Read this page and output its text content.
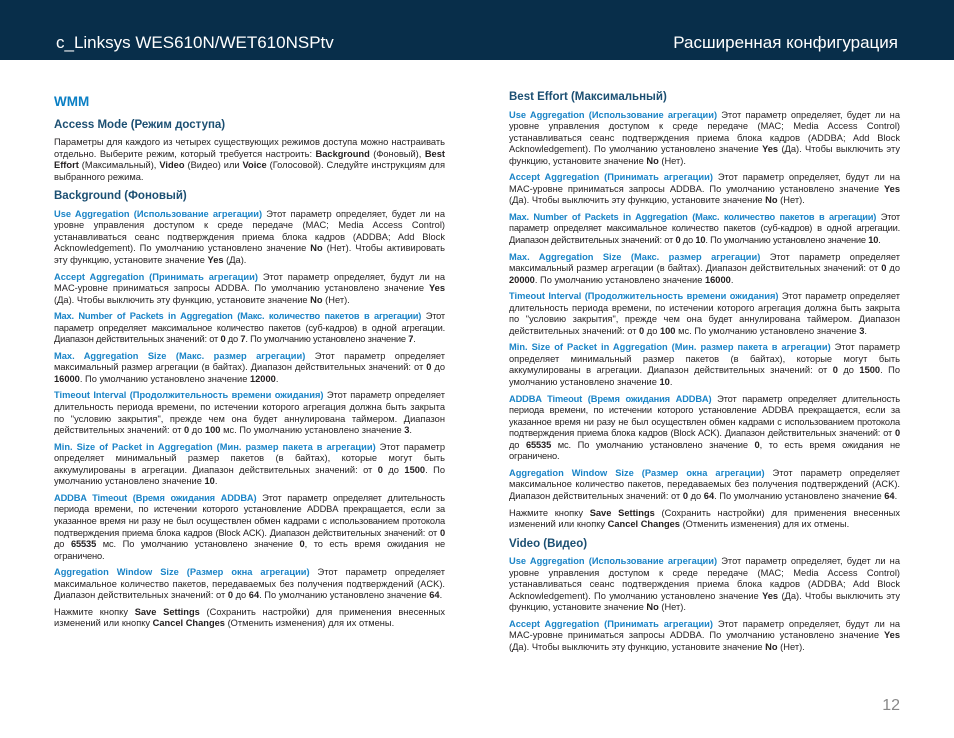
c_Linksys WES610N/WET610NSPtv	Расширенная конфигурация
WMM
Access Mode (Режим доступа)

Параметры для каждого из четырех существующих режимов доступа можно настраивать отдельно. Выберите режим, который требуется настроить: Background (Фоновый), Best Effort (Максимальный), Video (Видео) или Voice (Голосовой). Следуйте инструкциям для выбранного режима.

Background (Фоновый)

Use Aggregation (Использование агрегации) Этот параметр определяет, будет ли на уровне управления доступом к среде передаче (MAC; Media Access Control) устанавливаться сеанс подтверждения приема блока кадров (ADDBA; Add Block Acknowledgement). По умолчанию установлено значение No (Нет). Чтобы активировать эту функцию, установите значение Yes (Да).

Accept Aggregation (Принимать агрегации) Этот параметр определяет, будут ли на MAC-уровне приниматься запросы ADDBA. По умолчанию установлено значение Yes (Да). Чтобы выключить эту функцию, установите значение No (Нет).

Max. Number of Packets in Aggregation (Макс. количество пакетов в агрегации) Этот параметр определяет максимальное количество пакетов (суб-кадров) в одной агрегации. Диапазон действительных значений: от 0 до 7. По умолчанию установлено значение 7.

Max. Aggregation Size (Макс. размер агрегации) Этот параметр определяет максимальный размер агрегации (в байтах). Диапазон действительных значений: от 0 до 16000. По умолчанию установлено значение 12000.

Timeout Interval (Продолжительность времени ожидания) Этот параметр определяет длительность периода времени, по истечении которого агрегация должна быть закрыта по "условию закрытия", прежде чем она будет аннулирована таймером. Диапазон действительных значений: от 0 до 100 мс. По умолчанию установлено значение 3.

Min. Size of Packet in Aggregation (Мин. размер пакета в агрегации) Этот параметр определяет минимальный размер пакетов (в байтах), которые могут быть аккумулированы в агрегации. Диапазон действительных значений: от 0 до 1500. По умолчанию установлено значение 10.

ADDBA Timeout (Время ожидания ADDBA) Этот параметр определяет длительность периода времени, по истечении которого установление ADDBA прекращается, если за указанное время ни разу не был осуществлен обмен кадрами с использованием протокола подтверждения приема блока кадров (Block ACK). Диапазон действительных значений: от 0 до 65535 мс. По умолчанию установлено значение 0, то есть время ожидания не ограничено.

Aggregation Window Size (Размер окна агрегации) Этот параметр определяет максимальное количество пакетов, передаваемых без получения подтверждений (ACK). Диапазон действительных значений: от 0 до 64. По умолчанию установлено значение 64.

Нажмите кнопку Save Settings (Сохранить настройки) для применения внесенных изменений или кнопку Cancel Changes (Отменить изменения) для их отмены.

Best Effort (Максимальный)

Use Aggregation (Использование агрегации) Этот параметр определяет, будет ли на уровне управления доступом к среде передаче (MAC; Media Access Control) устанавливаться сеанс подтверждения приема блока кадров (ADDBA; Add Block Acknowledgement). По умолчанию установлено значение Yes (Да). Чтобы выключить эту функцию, установите значение No (Нет).

Accept Aggregation (Принимать агрегации) Этот параметр определяет, будут ли на MAC-уровне приниматься запросы ADDBA. По умолчанию установлено значение Yes (Да). Чтобы выключить эту функцию, установите значение No (Нет).

Max. Number of Packets in Aggregation (Макс. количество пакетов в агрегации) Этот параметр определяет максимальное количество пакетов (суб-кадров) в одной агрегации. Диапазон действительных значений: от 0 до 10. По умолчанию установлено значение 10.

Max. Aggregation Size (Макс. размер агрегации) Этот параметр определяет максимальный размер агрегации (в байтах). Диапазон действительных значений: от 0 до 20000. По умолчанию установлено значение 16000.

Timeout Interval (Продолжительность времени ожидания) Этот параметр определяет длительность периода времени, по истечении которого агрегация должна быть закрыта по "условию закрытия", прежде чем она будет аннулирована таймером. Диапазон действительных значений: от 0 до 100 мс. По умолчанию установлено значение 3.

Min. Size of Packet in Aggregation (Мин. размер пакета в агрегации) Этот параметр определяет минимальный размер пакетов (в байтах), которые могут быть аккумулированы в агрегации. Диапазон действительных значений: от 0 до 1500. По умолчанию установлено значение 10.

ADDBA Timeout (Время ожидания ADDBA) Этот параметр определяет длительность периода времени, по истечении которого установление ADDBA прекращается, если за указанное время ни разу не был осуществлен обмен кадрами с использованием протокола подтверждения приема блока кадров (Block ACK). Диапазон действительных значений: от 0 до 65535 мс. По умолчанию установлено значение 0, то есть время ожидания не ограничено.

Aggregation Window Size (Размер окна агрегации) Этот параметр определяет максимальное количество пакетов, передаваемых без получения подтверждений (ACK). Диапазон действительных значений: от 0 до 64. По умолчанию установлено значение 64.

Нажмите кнопку Save Settings (Сохранить настройки) для применения внесенных изменений или кнопку Cancel Changes (Отменить изменения) для их отмены.

Video (Видео)

Use Aggregation (Использование агрегации) Этот параметр определяет, будет ли на уровне управления доступом к среде передаче (MAC; Media Access Control) устанавливаться сеанс подтверждения приема блока кадров (ADDBA; Add Block Acknowledgement). По умолчанию установлено значение Yes (Да). Чтобы выключить эту функцию, установите значение No (Нет).

Accept Aggregation (Принимать агрегации) Этот параметр определяет, будут ли на MAC-уровне приниматься запросы ADDBA. По умолчанию установлено значение Yes (Да). Чтобы выключить эту функцию, установите значение No (Нет).

12
